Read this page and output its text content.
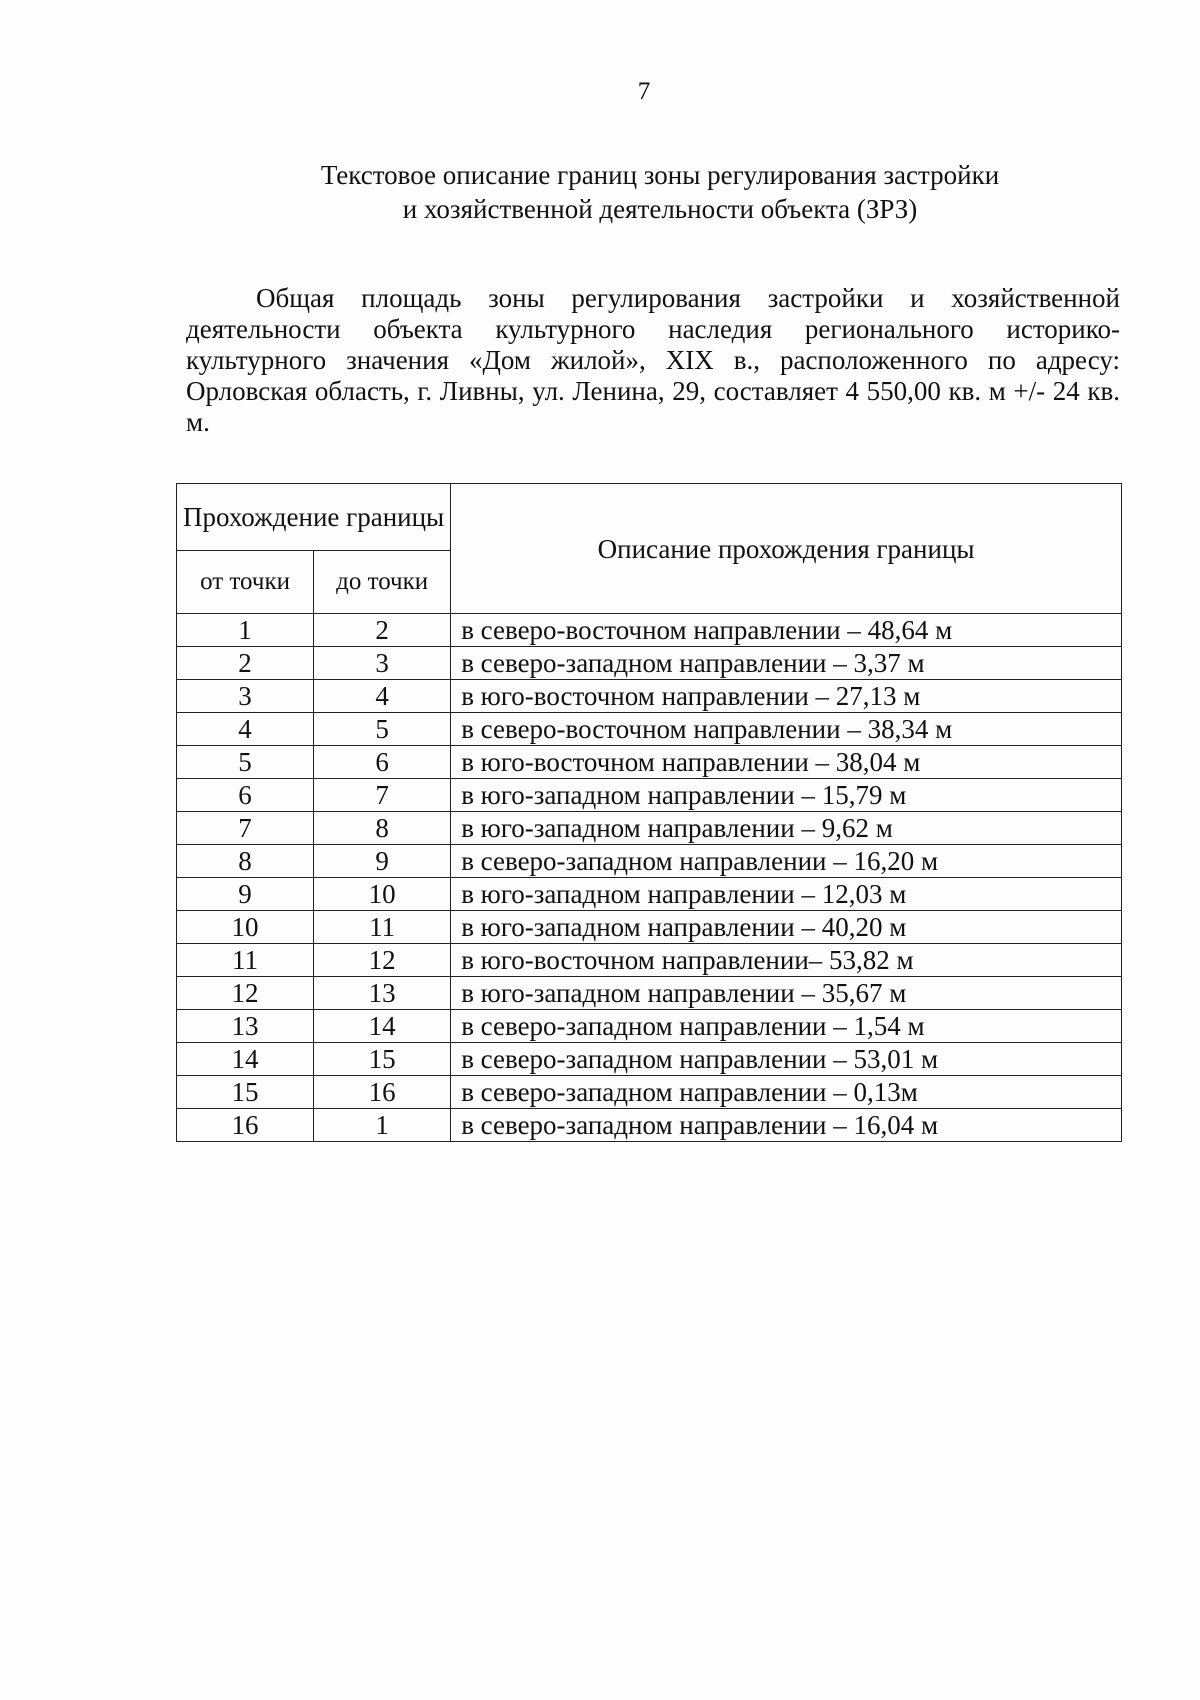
7
Текстовое описание границ зоны регулирования застройки
и хозяйственной деятельности объекта (ЗРЗ)

Общая площадь зоны регулирования застройки и хозяйственной деятельности объекта культурного наследия регионального историко-культурного значения «Дом жилой», XIX в., расположенного по адресу: Орловская область, г. Ливны, ул. Ленина, 29, составляет 4 550,00 кв. м +/- 24 кв. м.

Прохождение границы		Описание прохождения границы
от точки	до точки	
1	2	в северо-восточном направлении – 48,64 м
2	3	в северо-западном направлении – 3,37 м
3	4	в юго-восточном направлении – 27,13 м
4	5	в северо-восточном направлении – 38,34 м
5	6	в юго-восточном направлении – 38,04 м
6	7	в юго-западном направлении – 15,79 м
7	8	в юго-западном направлении – 9,62 м
8	9	в северо-западном направлении – 16,20 м
9	10	в юго-западном направлении – 12,03 м
10	11	в юго-западном направлении – 40,20 м
11	12	в юго-восточном направлении– 53,82 м
12	13	в юго-западном направлении – 35,67 м
13	14	в северо-западном направлении – 1,54 м
14	15	в северо-западном направлении – 53,01 м
15	16	в северо-западном направлении – 0,13м
16	1	в северо-западном направлении – 16,04 м
